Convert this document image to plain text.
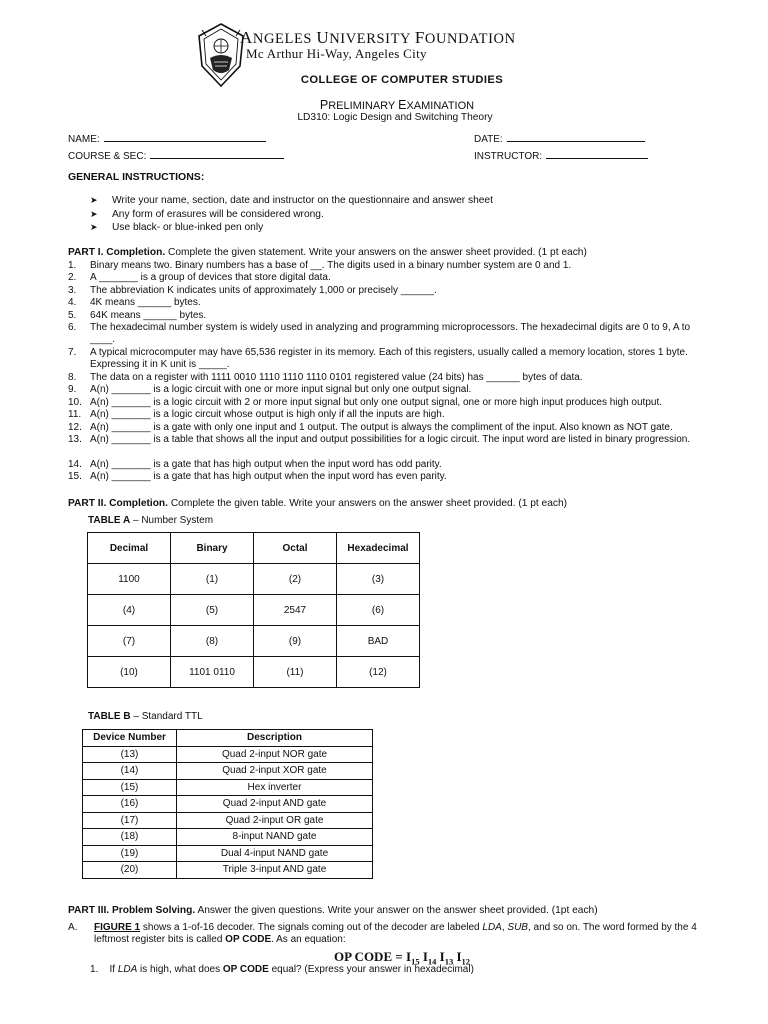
ANGELES UNIVERSITY FOUNDATION
Mc Arthur Hi-Way, Angeles City
COLLEGE OF COMPUTER STUDIES
PRELIMINARY EXAMINATION
LD310: Logic Design and Switching Theory
NAME:	DATE:
COURSE & SEC:	INSTRUCTOR:
GENERAL INSTRUCTIONS:
➤ Write your name, section, date and instructor on the questionnaire and answer sheet
➤ Any form of erasures will be considered wrong.
➤ Use black- or blue-inked pen only
PART I. Completion. Complete the given statement. Write your answers on the answer sheet provided. (1 pt each)
1.	Binary means two. Binary numbers has a base of __. The digits used in a binary number system are 0 and 1.
2.	A _______ is a group of devices that store digital data.
3.	The abbreviation K indicates units of approximately 1,000 or precisely ______.
4.	4K means ______ bytes.
5.	64K means ______ bytes.
6.	The hexadecimal number system is widely used in analyzing and programming microprocessors. The hexadecimal digits are 0 to 9, A to ____.
7.	A typical microcomputer may have 65,536 register in its memory. Each of this registers, usually called a memory location, stores 1 byte. Expressing it in K unit is _____.
8.	The data on a register with 1111 0010 1110 1110 1110 0101 registered value (24 bits) has ______ bytes of data.
9.	A(n) _______ is a logic circuit with one or more input signal but only one output signal.
10. A(n) _______ is a logic circuit with 2 or more input signal but only one output signal, one or more high input produces high output.
11. A(n) _______ is a logic circuit whose output is high only if all the inputs are high.
12. A(n) _______ is a gate with only one input and 1 output. The output is always the compliment of the input. Also known as NOT gate.
13. A(n) _______ is a table that shows all the input and output possibilities for a logic circuit. The input word are listed in binary progression.
14. A(n) _______ is a gate that has high output when the input word has odd parity.
15. A(n) _______ is a gate that has high output when the input word has even parity.
PART II. Completion. Complete the given table. Write your answers on the answer sheet provided. (1 pt each)
TABLE A – Number System
Decimal	Binary	Octal	Hexadecimal
1100	(1)	(2)	(3)
(4)	(5)	2547	(6)
(7)	(8)	(9)	BAD
(10)	1101 0110	(11)	(12)
TABLE B – Standard TTL
Device Number	Description
(13)	Quad 2-input NOR gate
(14)	Quad 2-input XOR gate
(15)	Hex inverter
(16)	Quad 2-input AND gate
(17)	Quad 2-input OR gate
(18)	8-input NAND gate
(19)	Dual 4-input NAND gate
(20)	Triple 3-input AND gate
PART III. Problem Solving. Answer the given questions. Write your answer on the answer sheet provided. (1pt each)
A. FIGURE 1 shows a 1-of-16 decoder. The signals coming out of the decoder are labeled LDA, SUB, and so on. The word formed by the 4 leftmost register bits is called OP CODE. As an equation:
OP CODE = $I_{15}$ $I_{14}$ $I_{13}$ $I_{12}$
1. If LDA is high, what does OP CODE equal? (Express your answer in hexadecimal)
